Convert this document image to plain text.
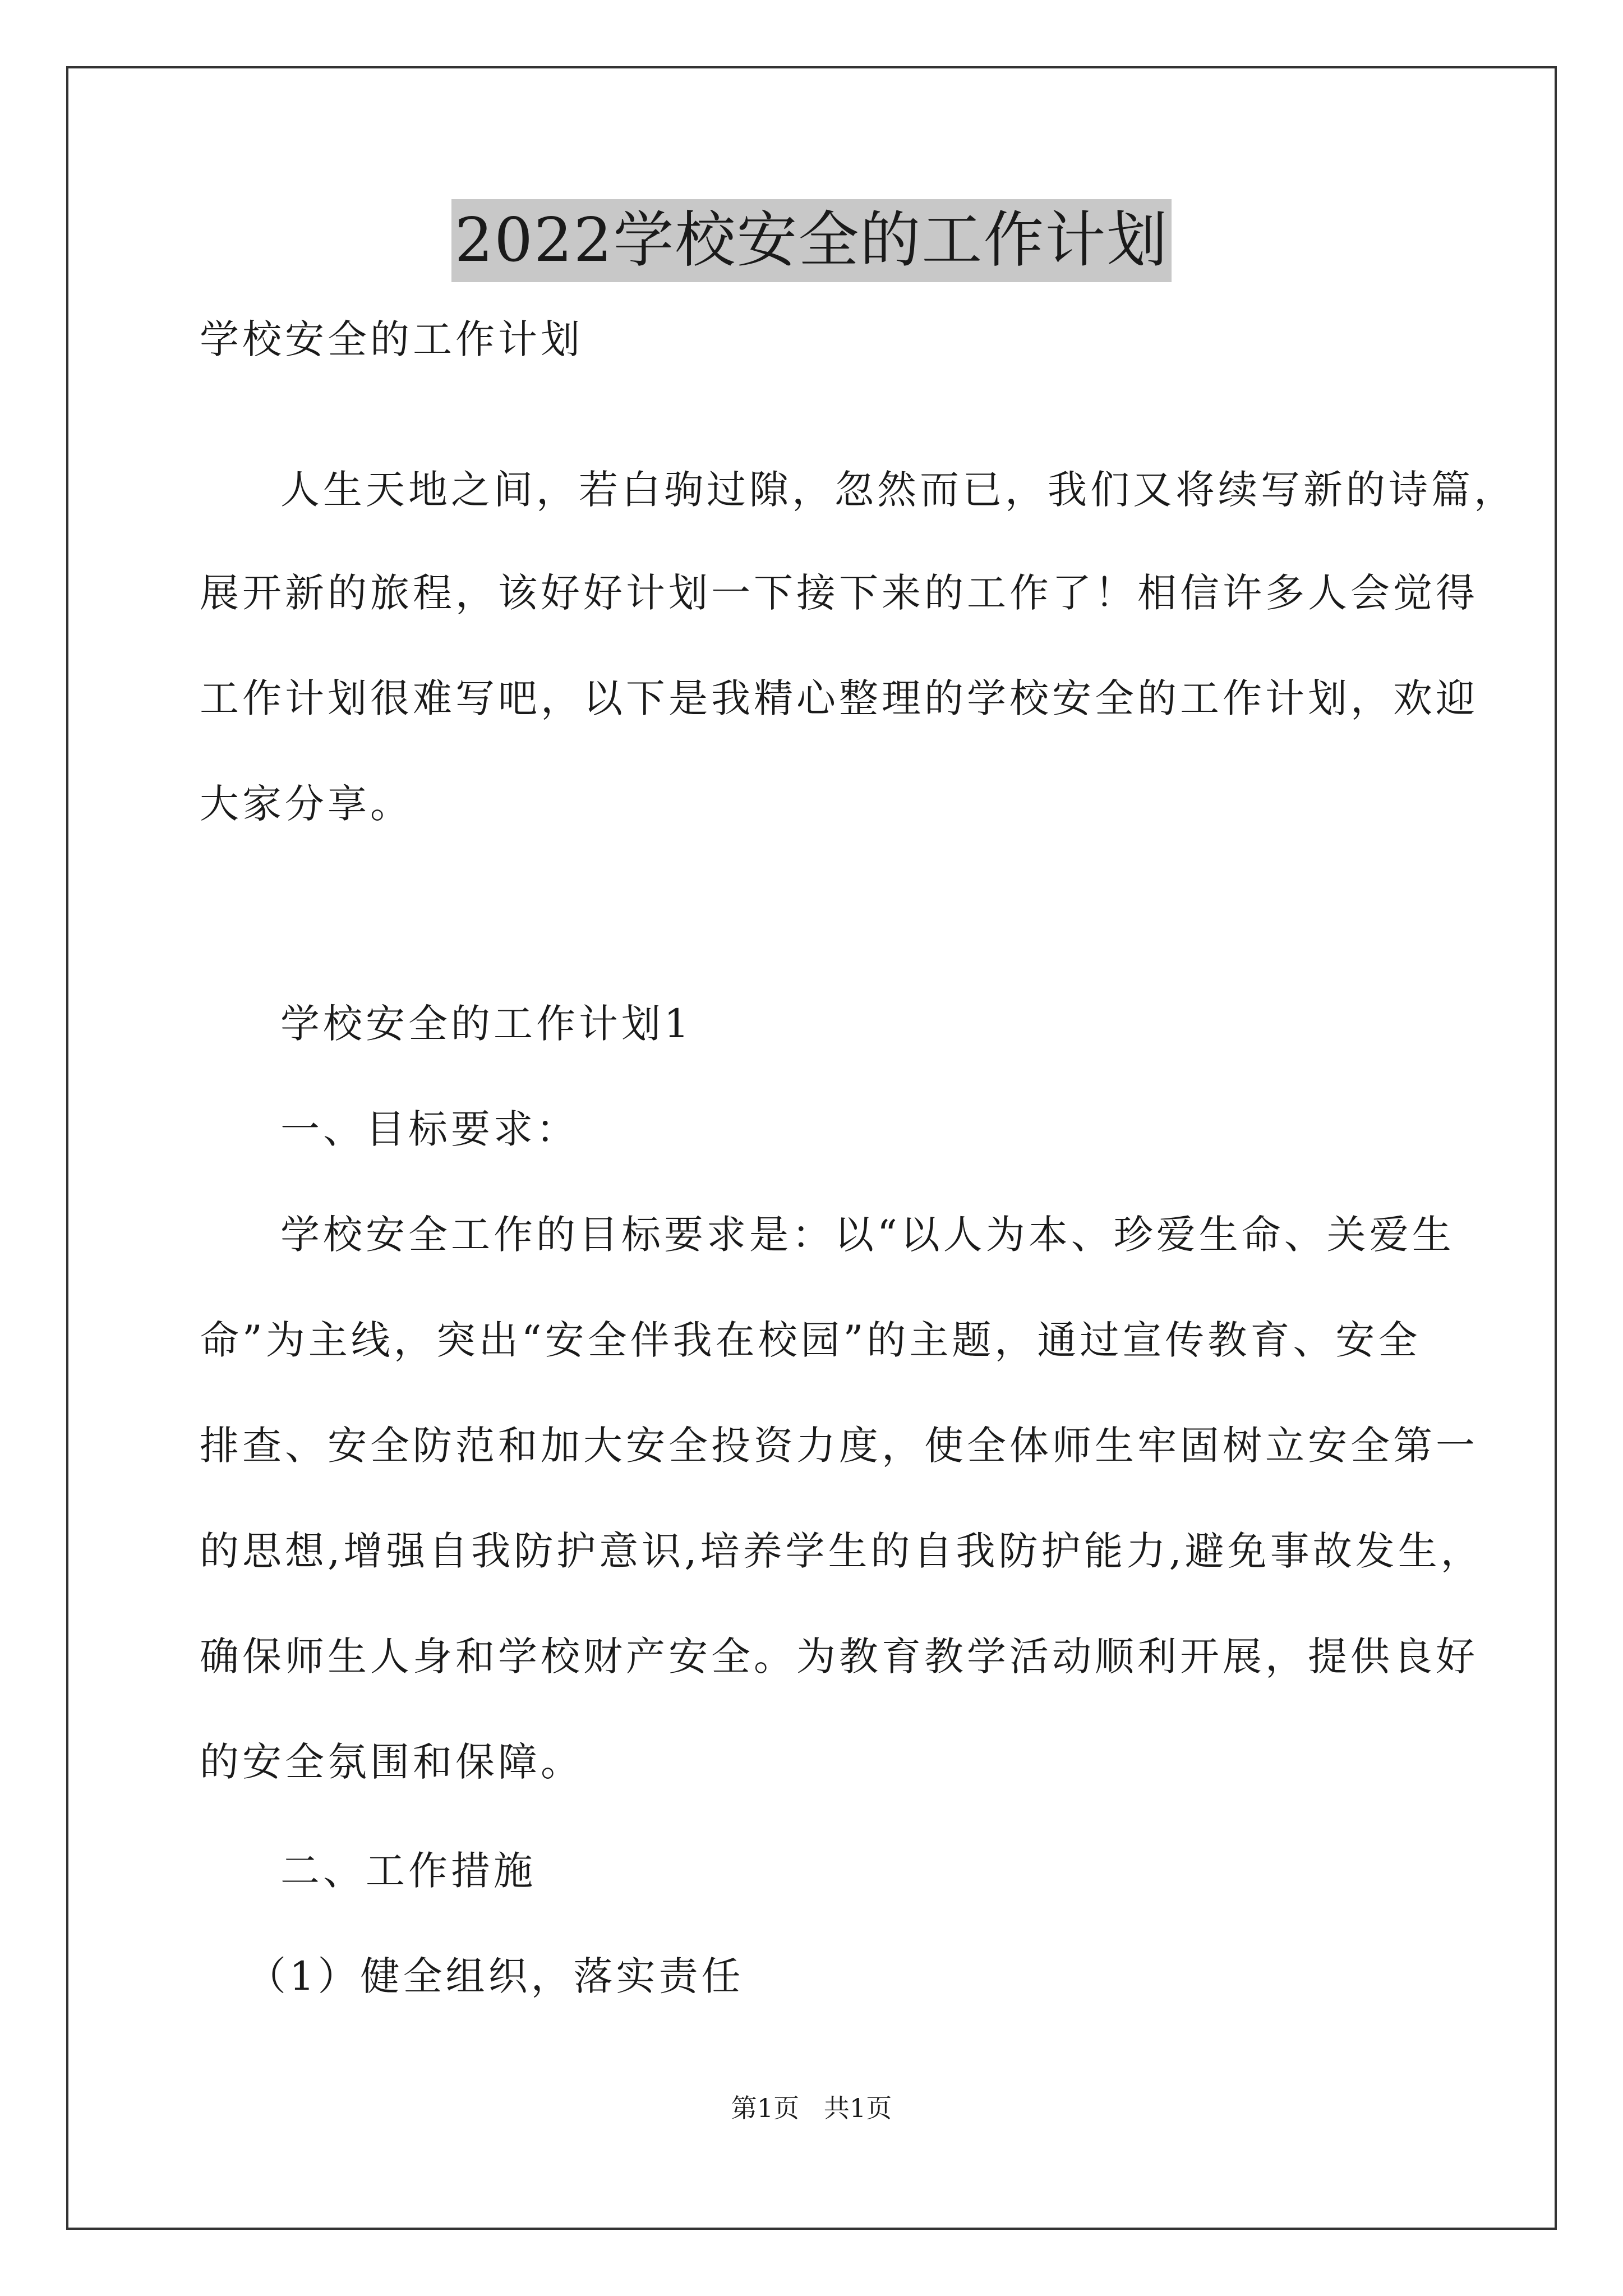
2022学校安全的工作计划
学校安全的工作计划
人生天地之间，若白驹过隙，忽然而已，我们又将续写新的诗篇，
展开新的旅程，该好好计划一下接下来的工作了！相信许多人会觉得
工作计划很难写吧，以下是我精心整理的学校安全的工作计划，欢迎
大家分享。
学校安全的工作计划1
一、目标要求：
学校安全工作的目标要求是：以“以人为本、珍爱生命、关爱生
命”为主线，突出“安全伴我在校园”的主题，通过宣传教育、安全
排查、安全防范和加大安全投资力度，使全体师生牢固树立安全第一
的思想,增强自我防护意识,培养学生的自我防护能力,避免事故发生，
确保师生人身和学校财产安全。为教育教学活动顺利开展，提供良好
的安全氛围和保障。
二、工作措施
（1）健全组织，落实责任
第1页   共1页
